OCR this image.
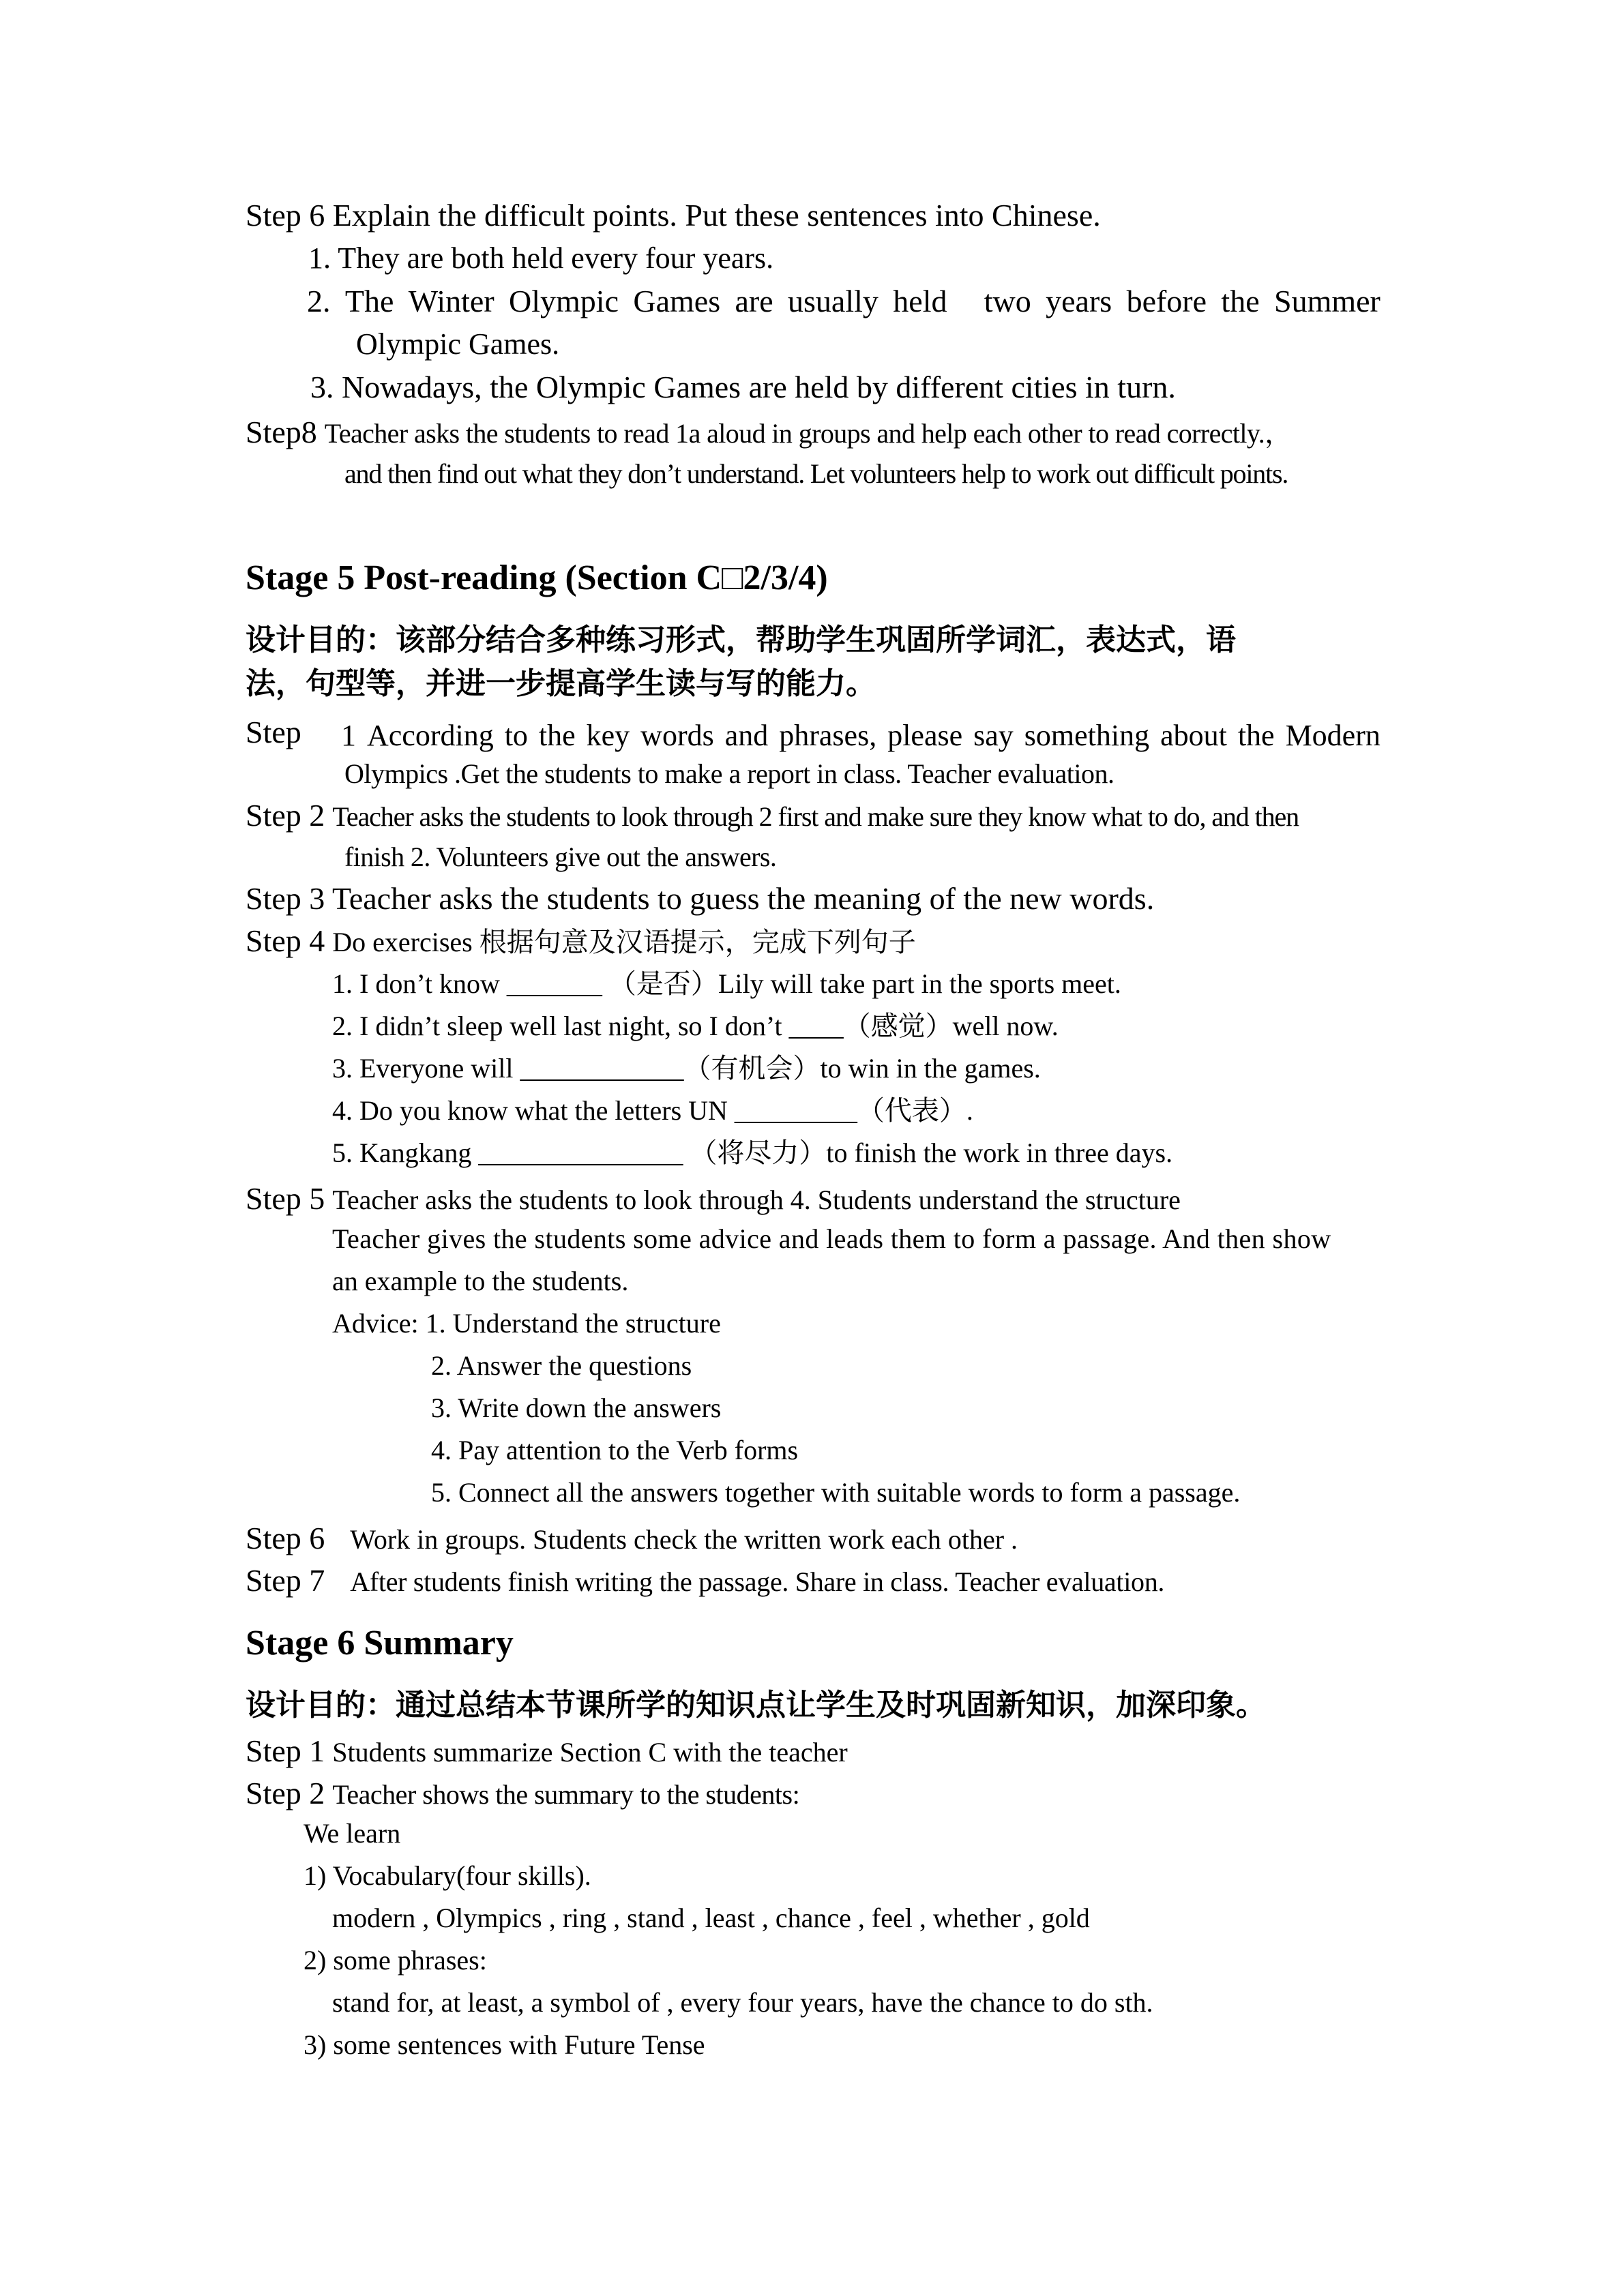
Step 6 Explain the difficult points. Put these sentences into Chinese.
1. They are both held every four years.
2. The Winter Olympic Games are usually held
two years before the Summer
Olympic Games.
3. Nowadays, the Olympic Games are held by different cities in turn.
Step8 Teacher asks the students to read 1a aloud in groups and help each other to read correctly.，
and then find out what they don’t understand. Let volunteers help to work out difficult points.
Stage 5 Post-reading (Section C□2/3/4)
设计目的：该部分结合多种练习形式，帮助学生巩固所学词汇，表达式，语
法，句型等，并进一步提高学生读与写的能力。
Step 1 According to the key words and phrases, please say something about the Modern
Olympics .Get the students to make a report in class. Teacher evaluation.
Step 2 Teacher asks the students to look through 2 first and make sure they know what to do, and then
finish 2. Volunteers give out the answers.
Step 3 Teacher asks the students to guess the meaning of the new words.
Step 4 Do exercises 根据句意及汉语提示，完成下列句子
1. I don’t know _______ （是否）Lily will take part in the sports meet.
2. I didn’t sleep well last night, so I don’t ____（感觉）well now.
3. Everyone will ____________（有机会）to win in the games.
4. Do you know what the letters UN _________（代表）.
5. Kangkang _______________ （将尽力）to finish the work in three days.
Step 5 Teacher asks the students to look through 4. Students understand the structure
Teacher gives the students some advice and leads them to form a passage. And then show
an example to the students.
Advice: 1. Understand the structure
2. Answer the questions
3. Write down the answers
4. Pay attention to the Verb forms
5. Connect all the answers together with suitable words to form a passage.
Step 6 Work in groups. Students check the written work each other .
Step 7 After students finish writing the passage. Share in class. Teacher evaluation.
Stage 6 Summary
设计目的：通过总结本节课所学的知识点让学生及时巩固新知识，加深印象。
Step 1 Students summarize Section C with the teacher
Step 2 Teacher shows the summary to the students:
We learn
1) Vocabulary(four skills).
modern , Olympics , ring , stand , least , chance , feel , whether , gold
2) some phrases:
stand for, at least, a symbol of , every four years, have the chance to do sth.
3) some sentences with Future Tense
